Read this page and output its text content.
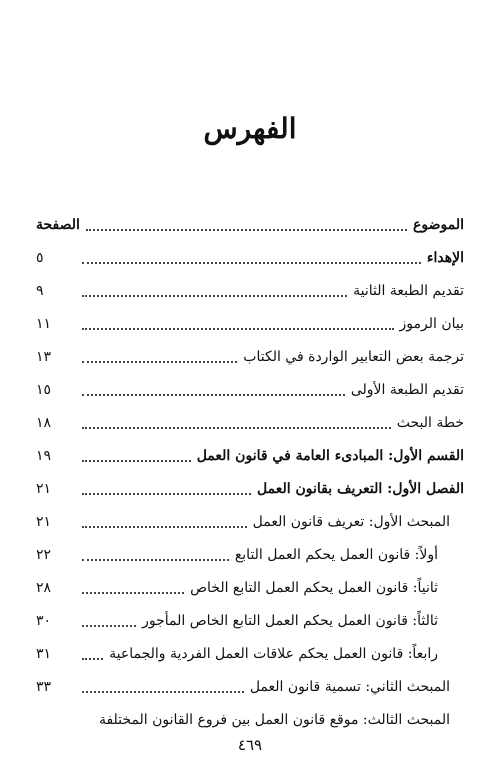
الفهرس
الموضوع
الصفحة
الإهداء
٥
تقديم الطبعة الثانية
٩
بيان الرموز
١١
ترجمة بعض التعابير الواردة في الكتاب
١٣
تقديم الطبعة الأولى
١٥
خطة البحث
١٨
القسم الأول: المبادىء العامة في قانون العمل
١٩
الفصل الأول: التعريف بقانون العمل
٢١
المبحث الأول: تعريف قانون العمل
٢١
أولاً: قانون العمل يحكم العمل التابع
٢٢
ثانياً: قانون العمل يحكم العمل التابع الخاص
٢٨
ثالثاً: قانون العمل يحكم العمل التابع الخاص المأجور
٣٠
رابعاً: قانون العمل يحكم علاقات العمل الفردية والجماعية
٣١
المبحث الثاني: تسمية قانون العمل
٣٣
المبحث الثالث: موقع قانون العمل بين فروع القانون المختلفة
٤٦٩
